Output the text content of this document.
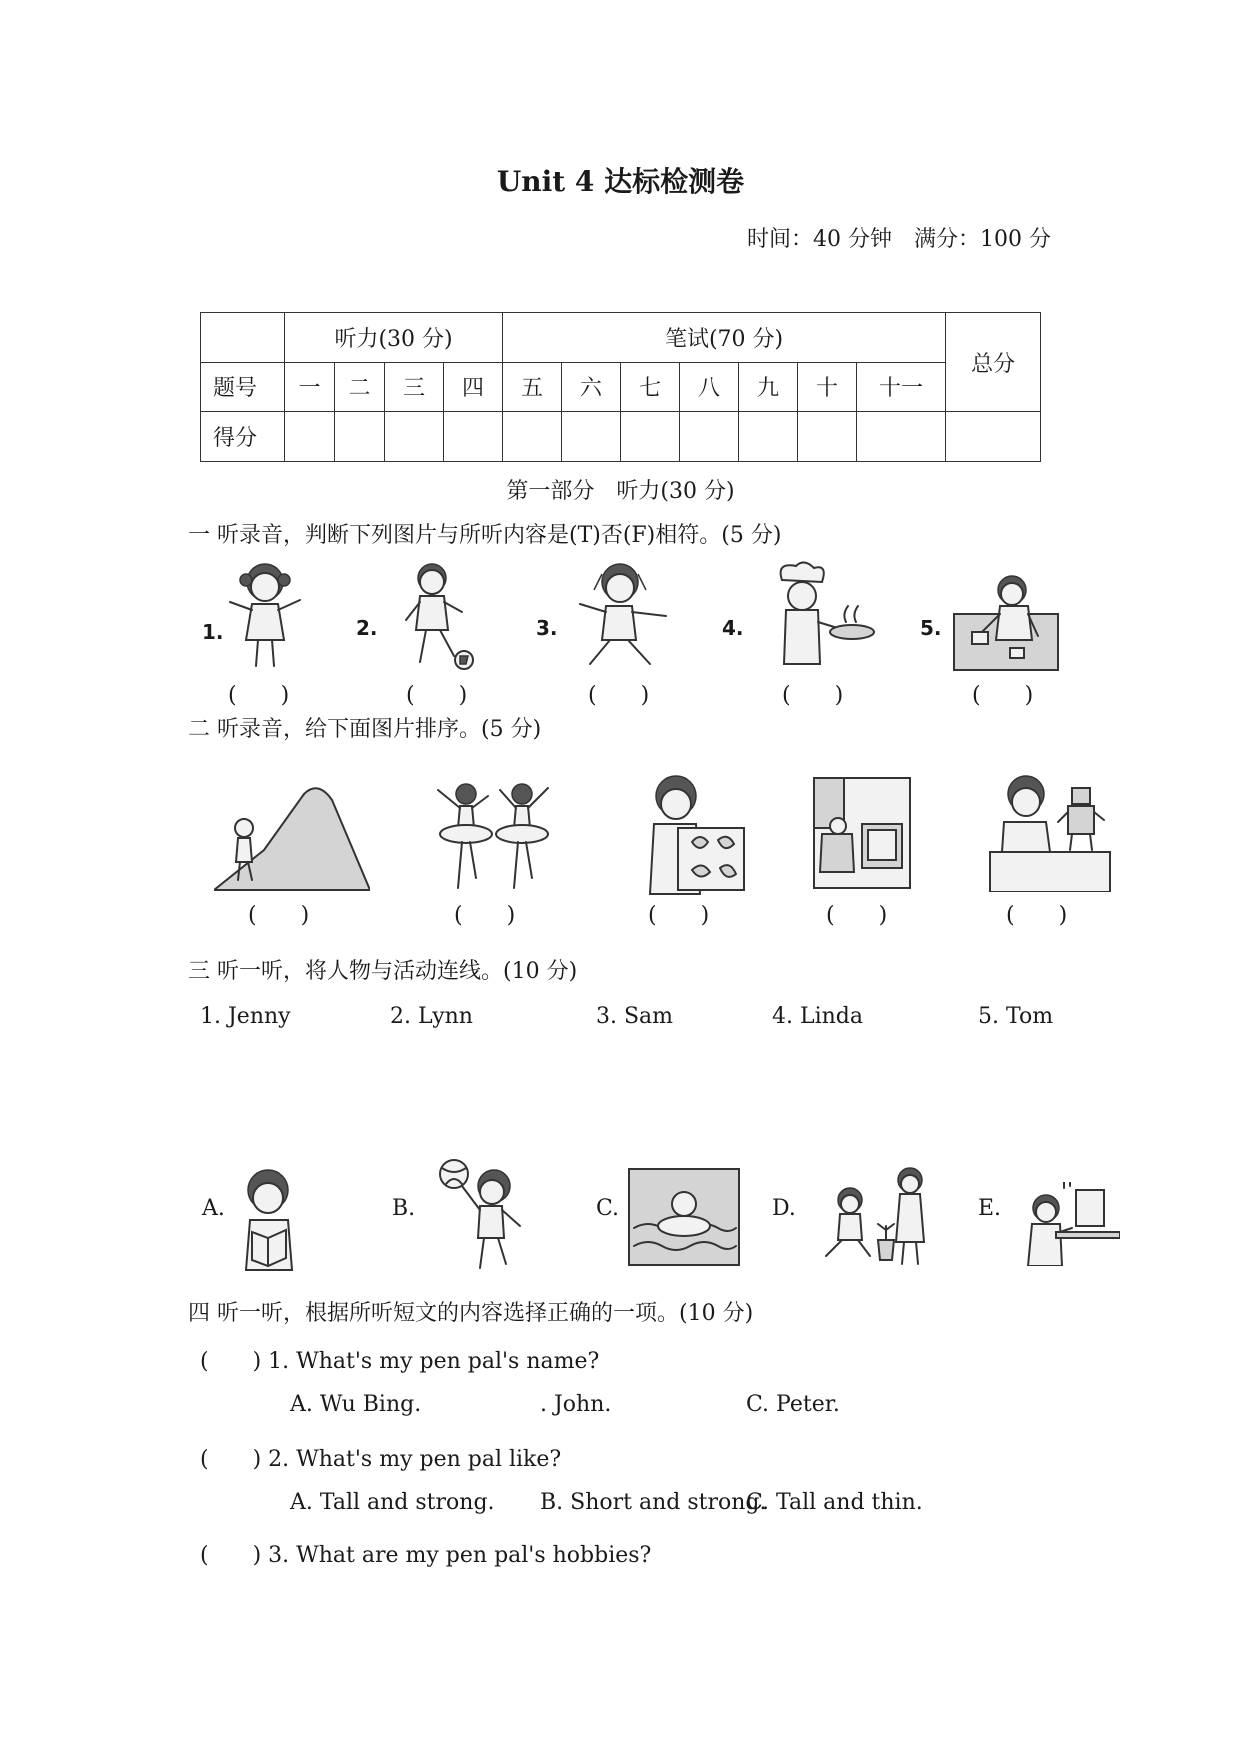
Unit 4 达标检测卷
时间：40 分钟　满分：100 分
	听力(30 分)				笔试(70 分)							总分
题号	一	二	三	四	五	六	七	八	九	十	十一	
得分												
第一部分　听力(30 分)
一 听录音，判断下列图片与所听内容是(T)否(F)相符。(5 分)
1.	2.	3.	4.	5.
(　　)	(　　)	(　　)	(　　)	(　　)
二 听录音，给下面图片排序。(5 分)
(　　)	(　　)	(　　)	(　　)	(　　)
三 听一听，将人物与活动连线。(10 分)
1. Jenny	2. Lynn	3. Sam	4. Linda	5. Tom
A.	B.	C.	D.	E.
四 听一听，根据所听短文的内容选择正确的一项。(10 分)
(　　) 1. What's my pen pal's name?
A. Wu Bing.	. John.	C. Peter.
(　　) 2. What's my pen pal like?
A. Tall and strong. B. Short and strong.
C. Tall and thin.
(　　) 3. What are my pen pal's hobbies?
